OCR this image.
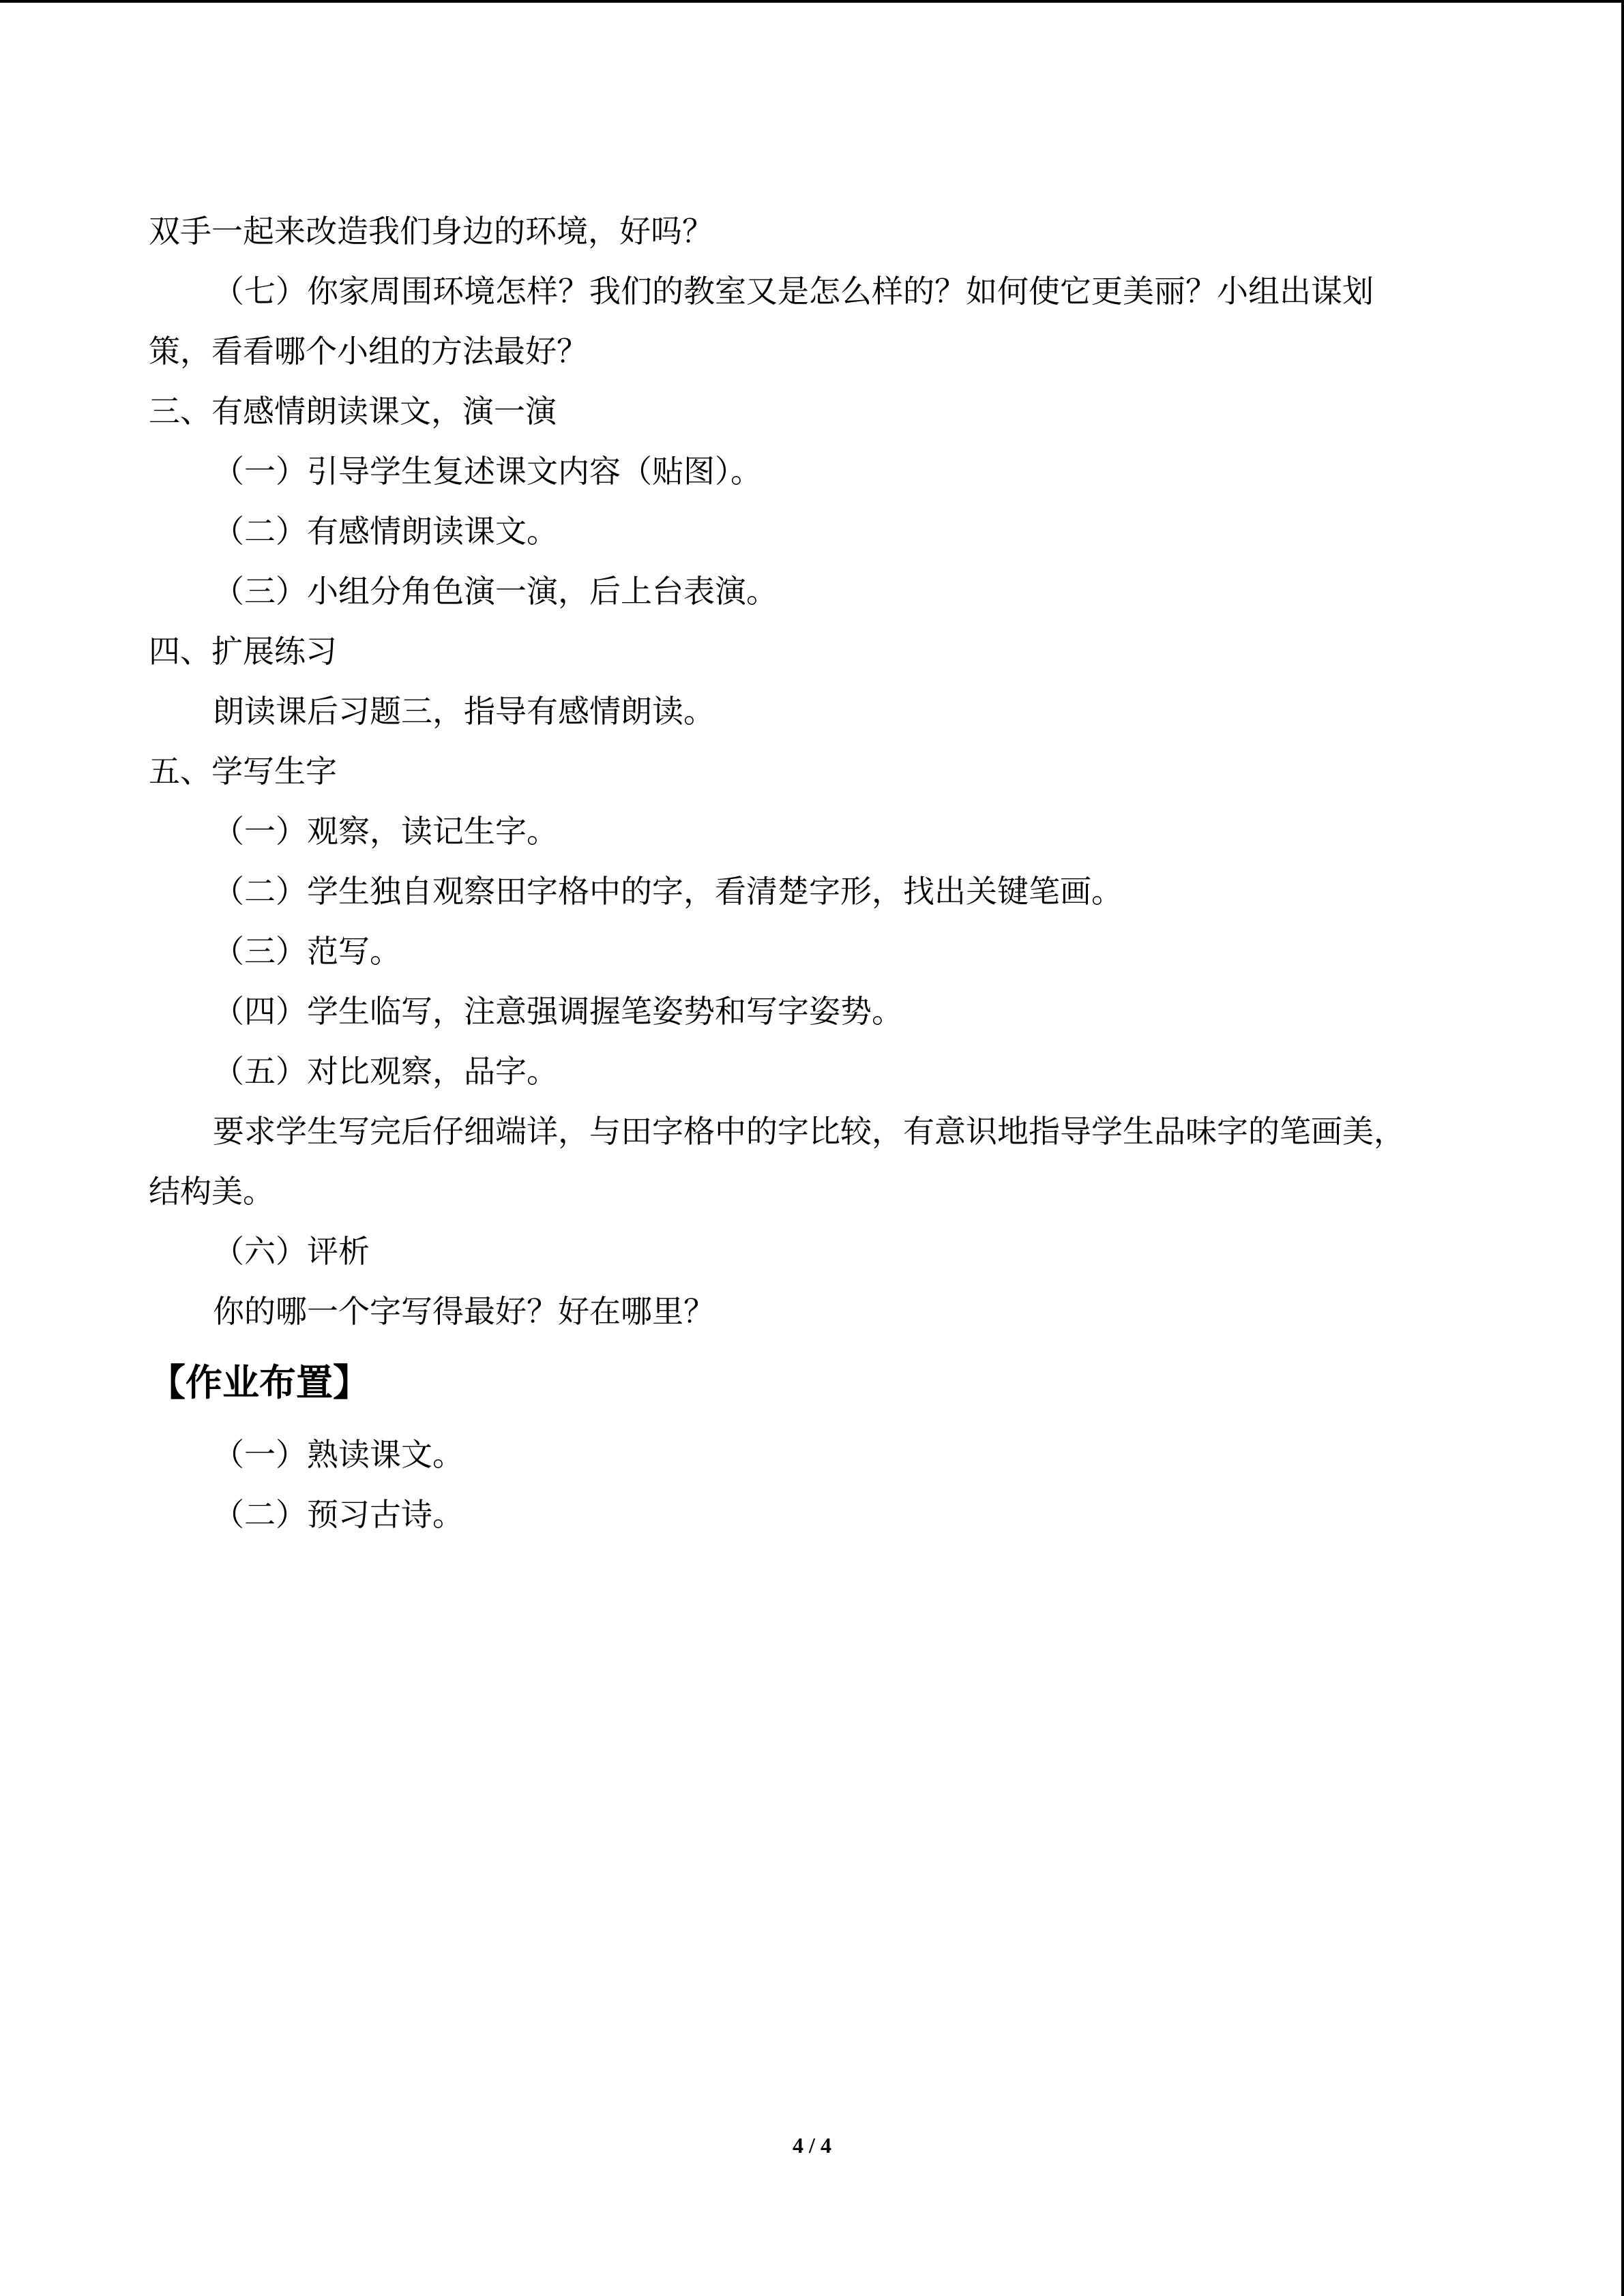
双手一起来改造我们身边的环境，好吗？

（七）你家周围环境怎样？我们的教室又是怎么样的？如何使它更美丽？小组出谋划

策，看看哪个小组的方法最好？

三、有感情朗读课文，演一演

（一）引导学生复述课文内容（贴图）。

（二）有感情朗读课文。

（三）小组分角色演一演，后上台表演。

四、扩展练习

朗读课后习题三，指导有感情朗读。

五、学写生字

（一）观察，读记生字。

（二）学生独自观察田字格中的字，看清楚字形，找出关键笔画。

（三）范写。

（四）学生临写，注意强调握笔姿势和写字姿势。

（五）对比观察，品字。

要求学生写完后仔细端详，与田字格中的字比较，有意识地指导学生品味字的笔画美，

结构美。

（六）评析

你的哪一个字写得最好？好在哪里？

【作业布置】

（一）熟读课文。

（二）预习古诗。

4 / 4
